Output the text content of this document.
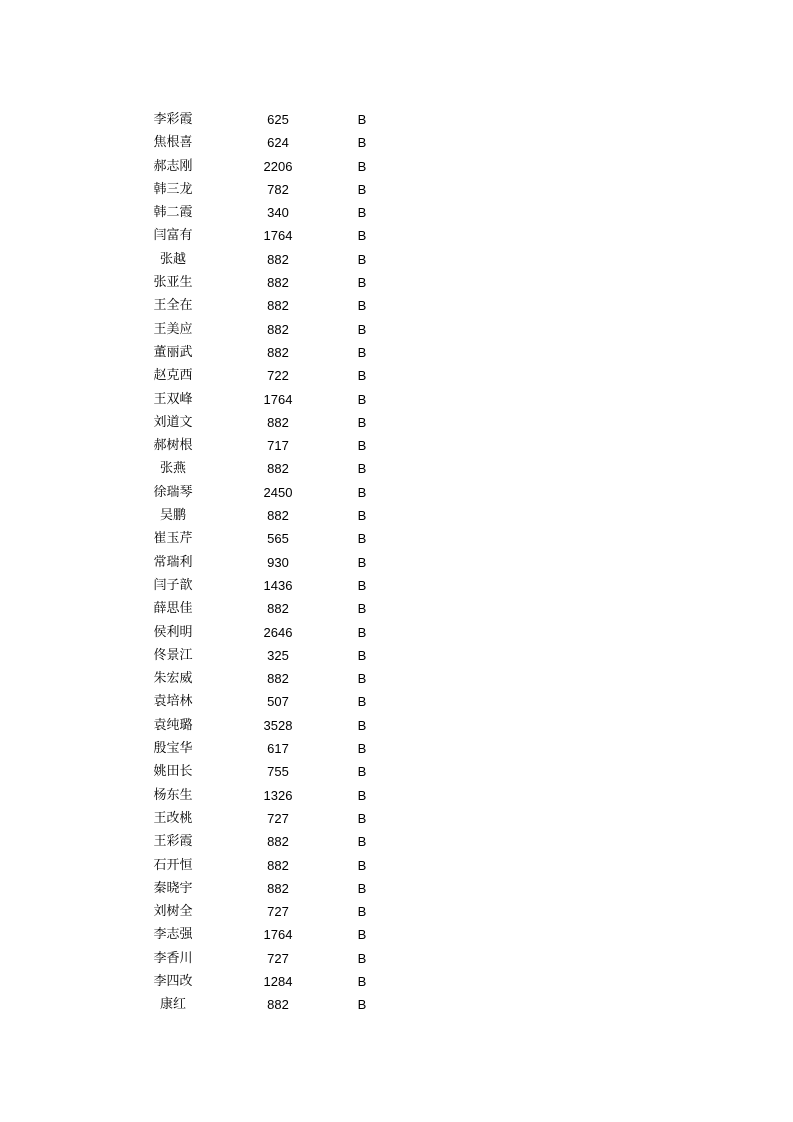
李彩霞	625	B
焦根喜	624	B
郝志刚	2206	B
韩三龙	782	B
韩二霞	340	B
闫富有	1764	B
张越	882	B
张亚生	882	B
王全在	882	B
王美应	882	B
董丽武	882	B
赵克西	722	B
王双峰	1764	B
刘道文	882	B
郝树根	717	B
张燕	882	B
徐瑞琴	2450	B
吴鹏	882	B
崔玉芹	565	B
常瑞利	930	B
闫子歆	1436	B
薛思佳	882	B
侯利明	2646	B
佟景江	325	B
朱宏威	882	B
袁培林	507	B
袁纯璐	3528	B
殷宝华	617	B
姚田长	755	B
杨东生	1326	B
王改桃	727	B
王彩霞	882	B
石开恒	882	B
秦晓宇	882	B
刘树全	727	B
李志强	1764	B
李香川	727	B
李四改	1284	B
康红	882	B
